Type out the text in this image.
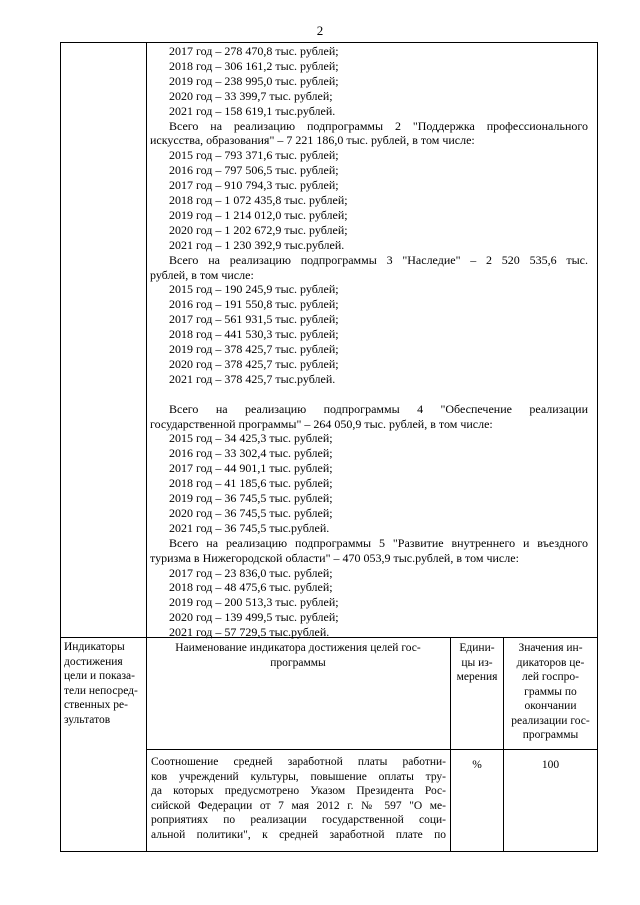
2
2017 год – 278 470,8 тыс. рублей;
2018 год – 306 161,2 тыс. рублей;
2019 год – 238 995,0 тыс. рублей;
2020 год – 33 399,7 тыс. рублей;
2021 год – 158 619,1 тыс.рублей.
Всего на реализацию подпрограммы 2 "Поддержка профессионального
искусства, образования" – 7 221 186,0 тыс. рублей, в том числе:
2015 год – 793 371,6 тыс. рублей;
2016 год – 797 506,5 тыс. рублей;
2017 год – 910 794,3 тыс. рублей;
2018 год – 1 072 435,8 тыс. рублей;
2019 год – 1 214 012,0 тыс. рублей;
2020 год – 1 202 672,9 тыс. рублей;
2021 год – 1 230 392,9 тыс.рублей.
Всего на реализацию подпрограммы 3 "Наследие" – 2 520 535,6 тыс.
рублей, в том числе:
2015 год – 190 245,9 тыс. рублей;
2016 год – 191 550,8 тыс. рублей;
2017 год – 561 931,5 тыс. рублей;
2018 год – 441 530,3 тыс. рублей;
2019 год – 378 425,7 тыс. рублей;
2020 год – 378 425,7 тыс. рублей;
2021 год – 378 425,7 тыс.рублей.
Всего на реализацию подпрограммы 4 "Обеспечение реализации
государственной программы" – 264 050,9 тыс. рублей, в том числе:
2015 год – 34 425,3 тыс. рублей;
2016 год – 33 302,4 тыс. рублей;
2017 год – 44 901,1 тыс. рублей;
2018 год – 41 185,6 тыс. рублей;
2019 год – 36 745,5 тыс. рублей;
2020 год – 36 745,5 тыс. рублей;
2021 год – 36 745,5 тыс.рублей.
Всего на реализацию подпрограммы 5 "Развитие внутреннего и въездного
туризма в Нижегородской области" – 470 053,9 тыс.рублей, в том числе:
2017 год – 23 836,0 тыс. рублей;
2018 год – 48 475,6 тыс. рублей;
2019 год – 200 513,3 тыс. рублей;
2020 год – 139 499,5 тыс. рублей;
2021 год – 57 729,5 тыс.рублей.
Индикаторы
достижения
цели и показа-
тели непосред-
ственных ре-
зультатов
Наименование индикатора достижения целей гос-
программы
Едини-
цы из-
мерения
Значения ин-
дикаторов це-
лей госпро-
граммы по
окончании
реализации гос-
программы
Соотношение средней заработной платы работни-
ков учреждений культуры, повышение оплаты тру-
да которых предусмотрено Указом Президента Рос-
сийской Федерации от 7 мая 2012 г. № 597 "О ме-
роприятиях по реализации государственной соци-
альной политики", к средней заработной плате по
%	100
